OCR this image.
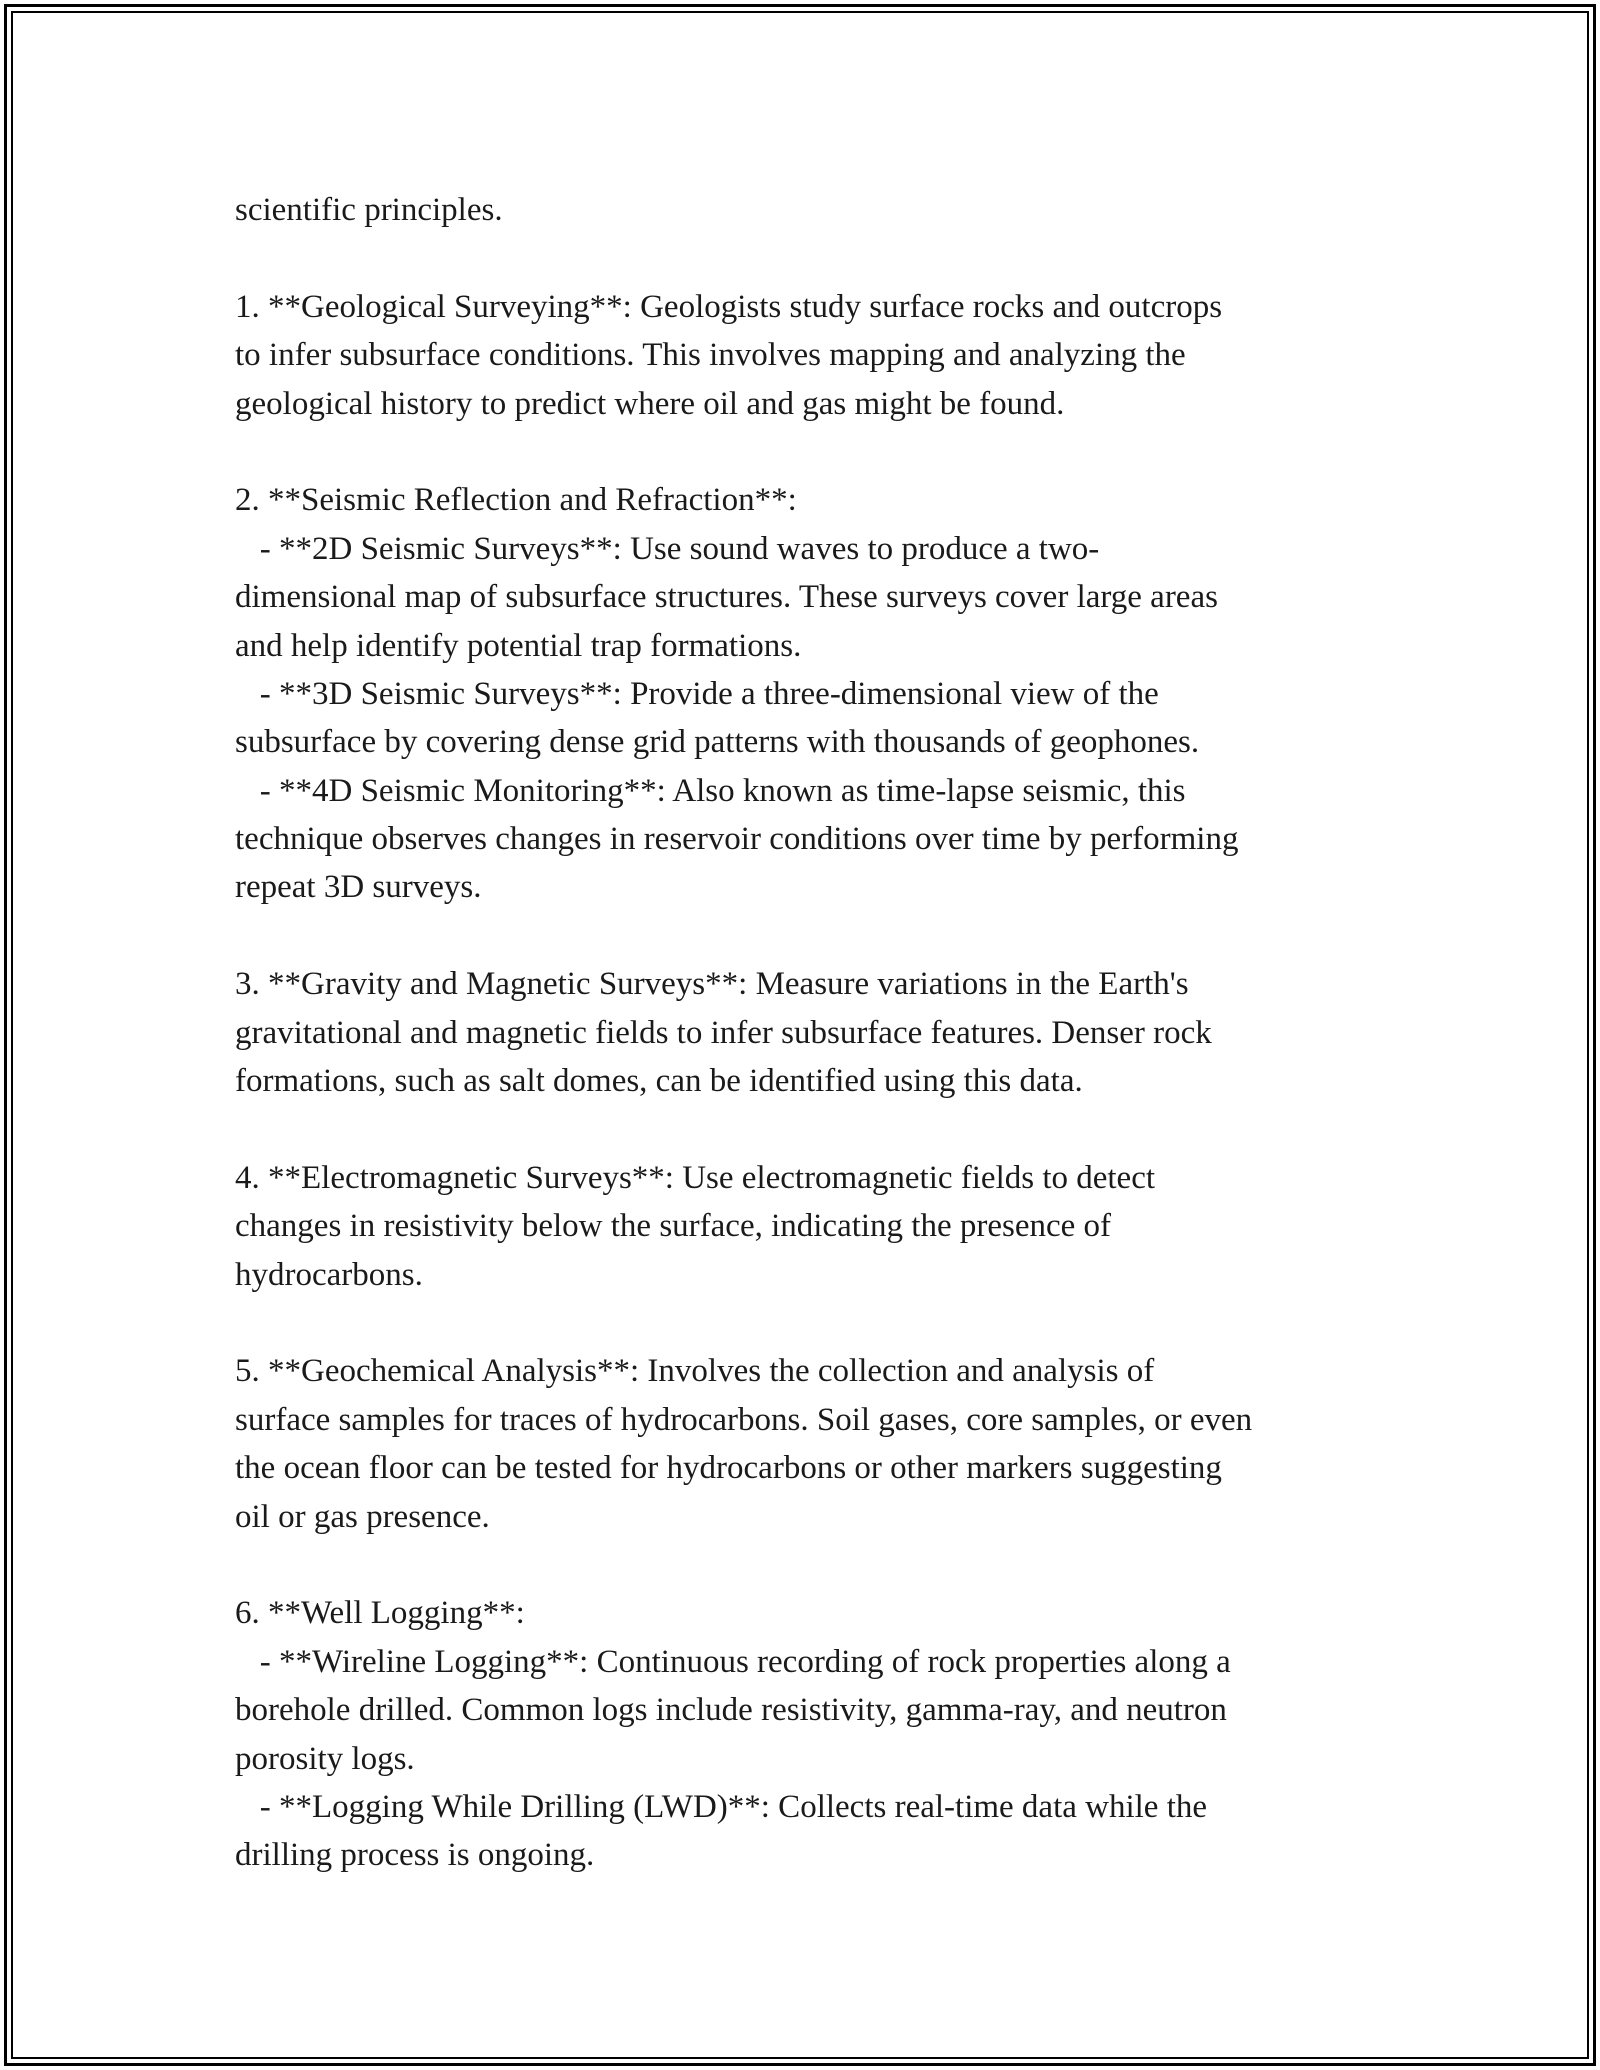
scientific principles.
1. **Geological Surveying**: Geologists study surface rocks and outcrops
to infer subsurface conditions. This involves mapping and analyzing the
geological history to predict where oil and gas might be found.
2. **Seismic Reflection and Refraction**:
- **2D Seismic Surveys**: Use sound waves to produce a two-
dimensional map of subsurface structures. These surveys cover large areas
and help identify potential trap formations.
- **3D Seismic Surveys**: Provide a three-dimensional view of the
subsurface by covering dense grid patterns with thousands of geophones.
- **4D Seismic Monitoring**: Also known as time-lapse seismic, this
technique observes changes in reservoir conditions over time by performing
repeat 3D surveys.
3. **Gravity and Magnetic Surveys**: Measure variations in the Earth's
gravitational and magnetic fields to infer subsurface features. Denser rock
formations, such as salt domes, can be identified using this data.
4. **Electromagnetic Surveys**: Use electromagnetic fields to detect
changes in resistivity below the surface, indicating the presence of
hydrocarbons.
5. **Geochemical Analysis**: Involves the collection and analysis of
surface samples for traces of hydrocarbons. Soil gases, core samples, or even
the ocean floor can be tested for hydrocarbons or other markers suggesting
oil or gas presence.
6. **Well Logging**:
- **Wireline Logging**: Continuous recording of rock properties along a
borehole drilled. Common logs include resistivity, gamma-ray, and neutron
porosity logs.
- **Logging While Drilling (LWD)**: Collects real-time data while the
drilling process is ongoing.
